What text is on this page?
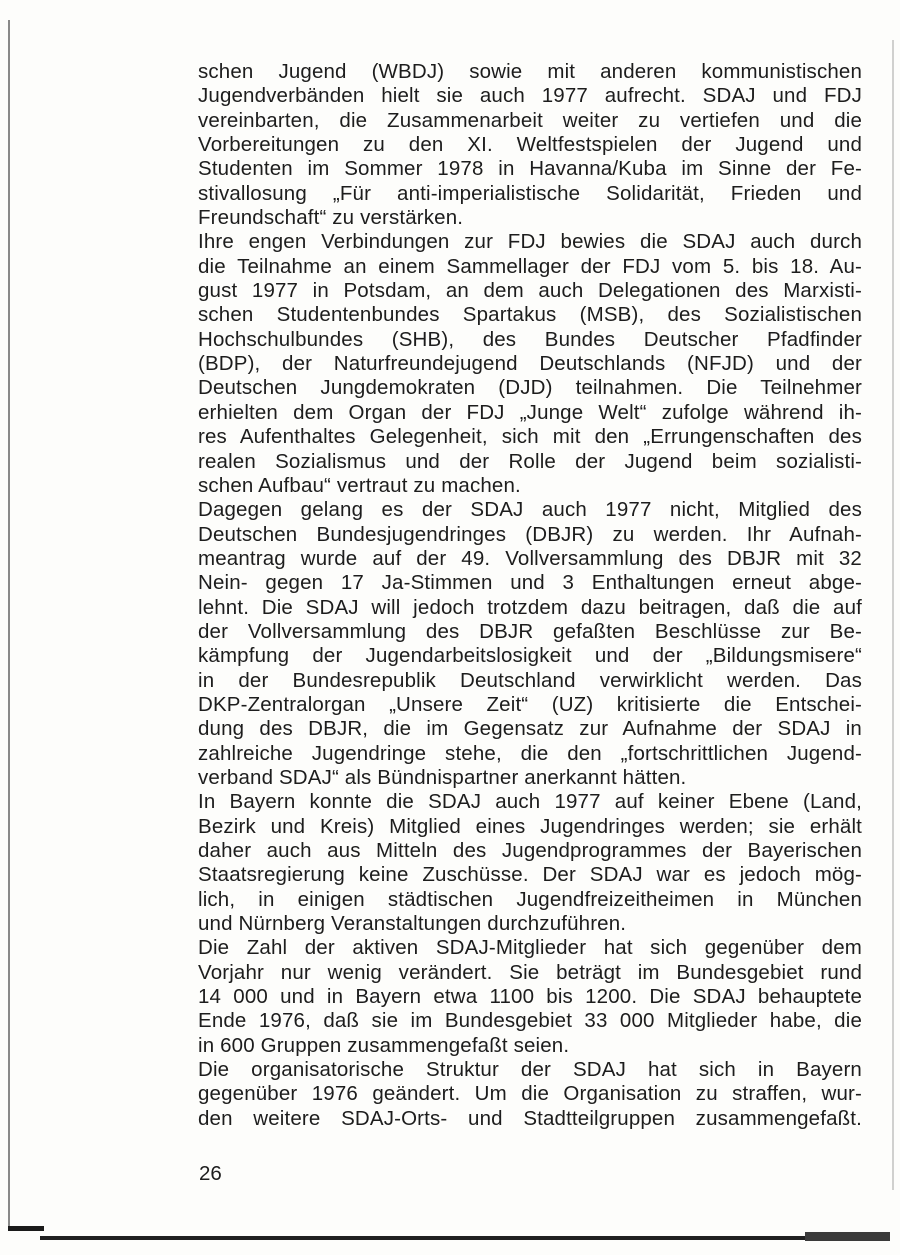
schen Jugend (WBDJ) sowie mit anderen kommunistischen
Jugendverbänden hielt sie auch 1977 aufrecht. SDAJ und FDJ
vereinbarten, die Zusammenarbeit weiter zu vertiefen und die
Vorbereitungen zu den XI. Weltfestspielen der Jugend und
Studenten im Sommer 1978 in Havanna/Kuba im Sinne der Fe-
stivallosung „Für anti-imperialistische Solidarität, Frieden und
Freundschaft“ zu verstärken.

Ihre engen Verbindungen zur FDJ bewies die SDAJ auch durch
die Teilnahme an einem Sammellager der FDJ vom 5. bis 18. Au-
gust 1977 in Potsdam, an dem auch Delegationen des Marxisti-
schen Studentenbundes Spartakus (MSB), des Sozialistischen
Hochschulbundes (SHB), des Bundes Deutscher Pfadfinder
(BDP), der Naturfreundejugend Deutschlands (NFJD) und der
Deutschen Jungdemokraten (DJD) teilnahmen. Die Teilnehmer
erhielten dem Organ der FDJ „Junge Welt“ zufolge während ih-
res Aufenthaltes Gelegenheit, sich mit den „Errungenschaften des
realen Sozialismus und der Rolle der Jugend beim sozialisti-
schen Aufbau“ vertraut zu machen.

Dagegen gelang es der SDAJ auch 1977 nicht, Mitglied des
Deutschen Bundesjugendringes (DBJR) zu werden. Ihr Aufnah-
meantrag wurde auf der 49. Vollversammlung des DBJR mit 32
Nein- gegen 17 Ja-Stimmen und 3 Enthaltungen erneut abge-
lehnt. Die SDAJ will jedoch trotzdem dazu beitragen, daß die auf
der Vollversammlung des DBJR gefaßten Beschlüsse zur Be-
kämpfung der Jugendarbeitslosigkeit und der „Bildungsmisere“
in der Bundesrepublik Deutschland verwirklicht werden. Das
DKP-Zentralorgan „Unsere Zeit“ (UZ) kritisierte die Entschei-
dung des DBJR, die im Gegensatz zur Aufnahme der SDAJ in
zahlreiche Jugendringe stehe, die den „fortschrittlichen Jugend-
verband SDAJ“ als Bündnispartner anerkannt hätten.

In Bayern konnte die SDAJ auch 1977 auf keiner Ebene (Land,
Bezirk und Kreis) Mitglied eines Jugendringes werden; sie erhält
daher auch aus Mitteln des Jugendprogrammes der Bayerischen
Staatsregierung keine Zuschüsse. Der SDAJ war es jedoch mög-
lich, in einigen städtischen Jugendfreizeitheimen in München
und Nürnberg Veranstaltungen durchzuführen.

Die Zahl der aktiven SDAJ-Mitglieder hat sich gegenüber dem
Vorjahr nur wenig verändert. Sie beträgt im Bundesgebiet rund
14 000 und in Bayern etwa 1100 bis 1200. Die SDAJ behauptete
Ende 1976, daß sie im Bundesgebiet 33 000 Mitglieder habe, die
in 600 Gruppen zusammengefaßt seien.

Die organisatorische Struktur der SDAJ hat sich in Bayern
gegenüber 1976 geändert. Um die Organisation zu straffen, wur-
den weitere SDAJ-Orts- und Stadtteilgruppen zusammengefaßt.

26
